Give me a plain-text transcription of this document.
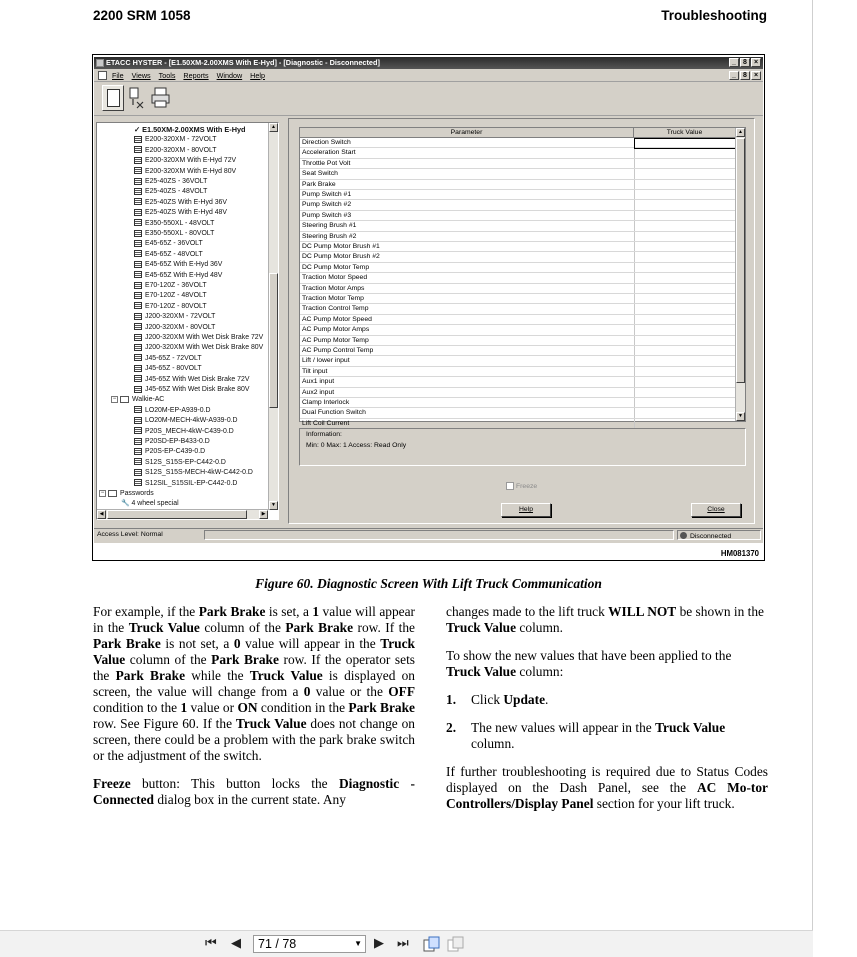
2200 SRM 1058	Troubleshooting
ETACC HYSTER - [E1.50XM-2.00XMS With E-Hyd] - [Diagnostic - Disconnected]	_	8	×
File Views Tools Reports Window Help	_	8	×
✓ E1.50XM-2.00XMS With E-Hyd
E200-320XM - 72VOLT
E200-320XM - 80VOLT
E200-320XM With E-Hyd 72V
E200-320XM With E-Hyd 80V
E25-40ZS - 36VOLT
E25-40ZS - 48VOLT
E25-40ZS With E-Hyd 36V
E25-40ZS With E-Hyd 48V
E350-550XL - 48VOLT
E350-550XL - 80VOLT
E45-65Z - 36VOLT
E45-65Z - 48VOLT
E45-65Z With E-Hyd 36V
E45-65Z With E-Hyd 48V
E70-120Z - 36VOLT
E70-120Z - 48VOLT
E70-120Z - 80VOLT
J200-320XM - 72VOLT
J200-320XM - 80VOLT
J200-320XM With Wet Disk Brake 72V
J200-320XM With Wet Disk Brake 80V
J45-65Z - 72VOLT
J45-65Z - 80VOLT
J45-65Z With Wet Disk Brake 72V
J45-65Z With Wet Disk Brake 80V
− Walkie-AC
LO20M-EP-A939-0.D
LO20M-MECH-4kW-A939-0.D
P20S_MECH-4kW-C439-0.D
P20SD-EP-B433-0.D
P20S-EP-C439-0.D
S12S_S15S-EP-C442-0.D
S12S_S15S-MECH-4kW-C442-0.D
S12SIL_S15SIL-EP-C442-0.D
− Passwords
🔧 4 wheel special
▲
▼
◀	▶
Parameter	Truck Value
Direction Switch
Acceleration Start
Throttle Pot Volt
Seat Switch
Park Brake
Pump Switch #1
Pump Switch #2
Pump Switch #3
Steering Brush #1
Steering Brush #2
DC Pump Motor Brush #1
DC Pump Motor Brush #2
DC Pump Motor Temp
Traction Motor Speed
Traction Motor Amps
Traction Motor Temp
Traction Control Temp
AC Pump Motor Speed
AC Pump Motor Amps
AC Pump Motor Temp
AC Pump Control Temp
Lift / lower input
Tilt input
Aux1 input
Aux2 input
Clamp Interlock
Dual Function Switch
Lift Coil Current
▲
▼
Information:
Min: 0 Max: 1 Access: Read Only
Freeze
Help	Close
Access Level: Normal	Disconnected
HM081370
Figure 60. Diagnostic Screen With Lift Truck Communication

For example, if the Park Brake is set, a 1 value will appear in the Truck Value column of the Park Brake row. If the Park Brake is not set, a 0 value will appear in the Truck Value column of the Park Brake row. If the operator sets the Park Brake while the Truck Value is displayed on screen, the value will change from a 0 value or the OFF condition to the 1 value or ON condition in the Park Brake row. See Figure 60. If the Truck Value does not change on screen, there could be a problem with the park brake switch or the adjustment of the switch.

Freeze button: This button locks the Diagnostic - Connected dialog box in the current state. Any

changes made to the lift truck WILL NOT be shown in the Truck Value column.

To show the new values that have been applied to the Truck Value column:

1.	Click Update.

2.	The new values will appear in the Truck Value column.

If further troubleshooting is required due to Status Codes displayed on the Dash Panel, see the AC Mo-tor Controllers/Display Panel section for your lift truck.

⏮ ◀	71 / 78	▼ ▶ ⏭
